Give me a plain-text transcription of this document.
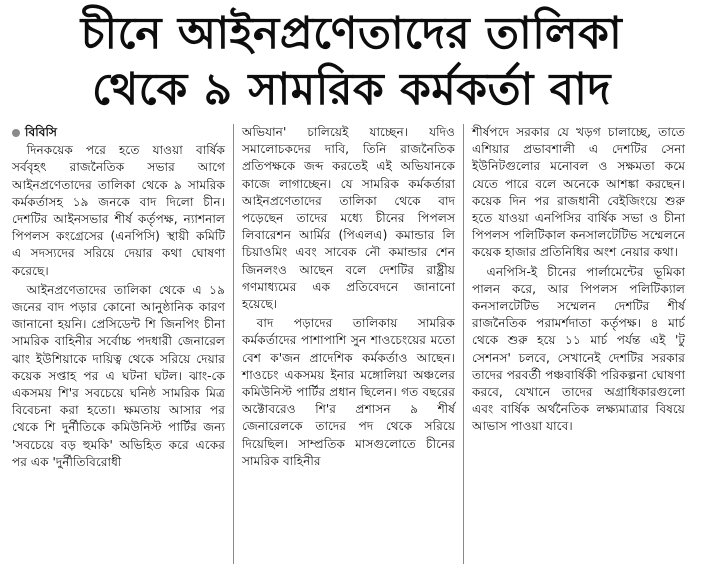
চীনে আইনপ্রণেতাদের তালিকা
থেকে ৯ সামরিক কর্মকর্তা বাদ
বিবিসি

দিনকয়েক পরে হতে যাওয়া বার্ষিক সর্ববৃহৎ রাজনৈতিক সভার আগে আইনপ্রণেতাদের তালিকা থেকে ৯ সামরিক কর্মকর্তাসহ ১৯ জনকে বাদ দিলো চীন। দেশটির আইনসভার শীর্ষ কর্তৃপক্ষ, ন্যাশনাল পিপলস কংগ্রেসের (এনপিসি) স্থায়ী কমিটি এ সদস্যদের সরিয়ে দেয়ার কথা ঘোষণা করেছে।

আইনপ্রণেতাদের তালিকা থেকে এ ১৯ জনের বাদ পড়ার কোনো আনুষ্ঠানিক কারণ জানানো হয়নি। প্রেসিডেন্ট শি জিনপিং চীনা সামরিক বাহিনীর সর্বোচ্চ পদধারী জেনারেল ঝাং ইউশিয়াকে দায়িত্ব থেকে সরিয়ে দেয়ার কয়েক সপ্তাহ পর এ ঘটনা ঘটল। ঝাং-কে একসময় শি'র সবচেয়ে ঘনিষ্ঠ সামরিক মিত্র বিবেচনা করা হতো। ক্ষমতায় আসার পর থেকে শি দুর্নীতিকে কমিউনিস্ট পার্টির জন্য 'সবচেয়ে বড় হুমকি' অভিহিত করে একের পর এক 'দুর্নীতিবিরোধী

অভিযান' চালিয়েই যাচ্ছেন। যদিও সমালোচকদের দাবি, তিনি রাজনৈতিক প্রতিপক্ষকে জব্দ করতেই এই অভিযানকে কাজে লাগাচ্ছেন। যে সামরিক কর্মকর্তারা আইনপ্রণেতাদের তালিকা থেকে বাদ পড়েছেন তাদের মধ্যে চীনের পিপলস লিবারেশন আর্মির (পিএলএ) কমান্ডার লি চিয়াওমিং এবং সাবেক নৌ কমান্ডার শেন জিনলংও আছেন বলে দেশটির রাষ্ট্রীয় গণমাধ্যমের এক প্রতিবেদনে জানানো হয়েছে।

বাদ পড়াদের তালিকায় সামরিক কর্মকর্তাদের পাশাপাশি সুন শাওচেংয়ের মতো বেশ ক'জন প্রাদেশিক কর্মকর্তাও আছেন। শাওচেং একসময় ইনার মঙ্গোলিয়া অঞ্চলের কমিউনিস্ট পার্টির প্রধান ছিলেন। গত বছরের অক্টোবরেও শি'র প্রশাসন ৯ শীর্ষ জেনারেলকে তাদের পদ থেকে সরিয়ে দিয়েছিল। সাম্প্রতিক মাসগুলোতে চীনের সামরিক বাহিনীর

শীর্ষপদে সরকার যে খড়গ চালাচ্ছে, তাতে এশিয়ার প্রভাবশালী এ দেশটির সেনা ইউনিটগুলোর মনোবল ও সক্ষমতা কমে যেতে পারে বলে অনেকে আশঙ্কা করছেন। কয়েক দিন পর রাজধানী বেইজিংয়ে শুরু হতে যাওয়া এনপিসির বার্ষিক সভা ও চীনা পিপলস পলিটিকাল কনসালটেটিভ সম্মেলনে কয়েক হাজার প্রতিনিধির অংশ নেয়ার কথা।

এনপিসি-ই চীনের পার্লামেন্টের ভূমিকা পালন করে, আর পিপলস পলিটিক্যাল কনসালটেটিভ সম্মেলন দেশটির শীর্ষ রাজনৈতিক পরামর্শদাতা কর্তৃপক্ষ। ৪ মার্চ থেকে শুরু হয়ে ১১ মার্চ পর্যন্ত এই 'টু সেশনস' চলবে, সেখানেই দেশটির সরকার তাদের পরবর্তী পঞ্চবার্ষিকী পরিকল্পনা ঘোষণা করবে, যেখানে তাদের অগ্রাধিকারগুলো এবং বার্ষিক অর্থনৈতিক লক্ষ্যমাত্রার বিষয়ে আভাস পাওয়া যাবে।
